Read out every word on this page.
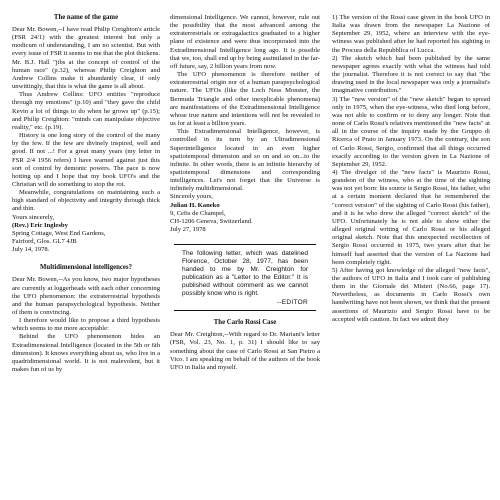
The name of the game

Dear Mr. Bowen,--I have read Philip Creighton's article (FSR 24/1) with the greatest interest but only a modicum of understanding, I am no scientist. But with every issue of FSR it seems to me that the plot thickens. Mr. B.J. Hall "jibs at the concept of control of the human race" (p.32), whereas Philip Creighton and Andrew Collins make it abundantly clear, if only unwittingly, that this is what the game is all about.

Thus Andrew Collins: UFO entities "reproduce through my emotions" (p.10) and "they gave the child Kevin a lot of things to do when he grows up" (p.15); and Philip Creighton: "minds can manipulate objective reality," etc. (p.19).

History is one long story of the control of the many by the few. If the few are divinely inspired, well and good. If not ...! For a great many years (my letter in FSR 2/4 1956 refers) I have warned against just this sort of control by demonic powers. The pace is now hotting up and I hope that my book UFO's and the Christian will do something to stop the rot.

Meanwhile, congratulations on maintaining such a high standard of objectivity and integrity through thick and thin.

Yours sincerely,

(Rev.) Eric Inglesby

Spring Cottage, West End Gardens,

Fairford, Glos. GL7 4JB

July 14, 1978.

Multidimensional intelligences?

Dear Mr. Bowen,--As you know, two major hypotheses are currently at loggerheads with each other concerning the UFO phenomenon: the extraterrestrial hypothesis and the human parapsychological hypothesis. Neither of them is convincing.

I therefore would like to propose a third hypothesis which seems to me more acceptable:

Behind the UFO phenomenon hides an Extradimensional Intelligence (located in the 5th or 6th dimension). It knows everything about us, who live in a quadridimensional world. It is not malevolent, but it makes fun of us by

dimensional Intelligence. We cannot, however, rule out the possibility that the most advanced among the extraterrestrials or extragalactics graduated to a higher plane of existence and were thus incorporated into the Extradimensional Intelligence long ago. It is possible that we, too, shall end up by being assimilated in the far-off future, say, 2 billion years from now.

The UFO phenomenon is therefore neither of extraterrestrial origin nor of a human parapsychological nature. The UFOs (like the Loch Ness Monster, the Bermuda Triangle and other inexplicable phenomena) are manifestations of the Extradimensional Intelligence whose true nature and intentions will not be revealed to us for at least a billion years.

This Extradimensional Intelligence, however, is controlled in its turn by an Ultradimensional Superintelligence located in an even higher spatiotemporal dimension and so on and so on...to the infinite. In other words, there is an infinite hierarchy of spatiotemporal dimensions and corresponding intelligences. Let's not forget that the Universe is infinitely multidimensional.

Sincerely yours,

Julian H. Kaneko

9, Cefts de Champel,

CH-1206 Geneva, Switzerland.

July 27, 1978

The following letter, which was datelined Florence, October 28, 1977, has been handed to me by Mr. Creighton for publication as a "Letter to the Editor." It is published without comment as we cannot possibly know who is right.
--EDITOR
The Carlo Rossi Case

Dear Mr. Creighton,--With regard to Dr. Mariani's letter (FSR, Vol. 23, No. 1, p. 31) I should like to say something about the case of Carlo Rossi at San Pietro a Vico. I am speaking on behalf of the authors of the book UFO in Italia and myself.

1) The version of the Rossi case given in the book UFO in Italia was drawn from the newspaper La Nazione of September 29, 1952, where an interview with the eye-witness was published after he had reported his sighting to the Procura della Repubblica of Lucca.

2) The sketch which had been published by the same newspaper agrees exactly with what the witness had told the journalist. Therefore it is not correct to say that "the drawing used in the local newspaper was only a journalist's imaginative contribution."

3) The "new version" of the "new sketch" began to spread only in 1975, when the eye-witness, who died long before, was not able to confirm or to deny any longer. Note that none of Carlo Rossi's relatives mentioned the "new facts" at all in the course of the inquiry made by the Gruppo di Ricerca of Prato in January 1973. On the contrary, the son of Carlo Rossi, Sergio, confirmed that all things occurred exactly according to the version given in La Nazione of September 29, 1952.

4) The divulger of the "new facts" is Maurizio Rossi, grandson of the witness, who at the time of the sighting was not yet born: his source is Sergio Rossi, his father, who at a certain moment declared that he remembered the "correct version" of the sighting of Carlo Rossi (his father), and it is he who drew the alleged "correct sketch" of the UFO. Unfortunately he is not able to show either the alleged original writing of Carlo Rossi or his alleged original sketch. Note that this unexpected recollection of Sergio Rossi occurred in 1975, two years after that he himself had asserted that the version of La Nazione had been completely right.

5) After having got knowledge of the alleged "new facts", the authors of UFO in Italia and I took care of publishing them in the Giornale dei Misteri (No.66, page 17). Nevertheless, as documents in Carlo Rossi's own handwriting have not been shown, we think that the present assertions of Maurizio and Sergio Rossi have to be accepted with caution. In fact we admit they
